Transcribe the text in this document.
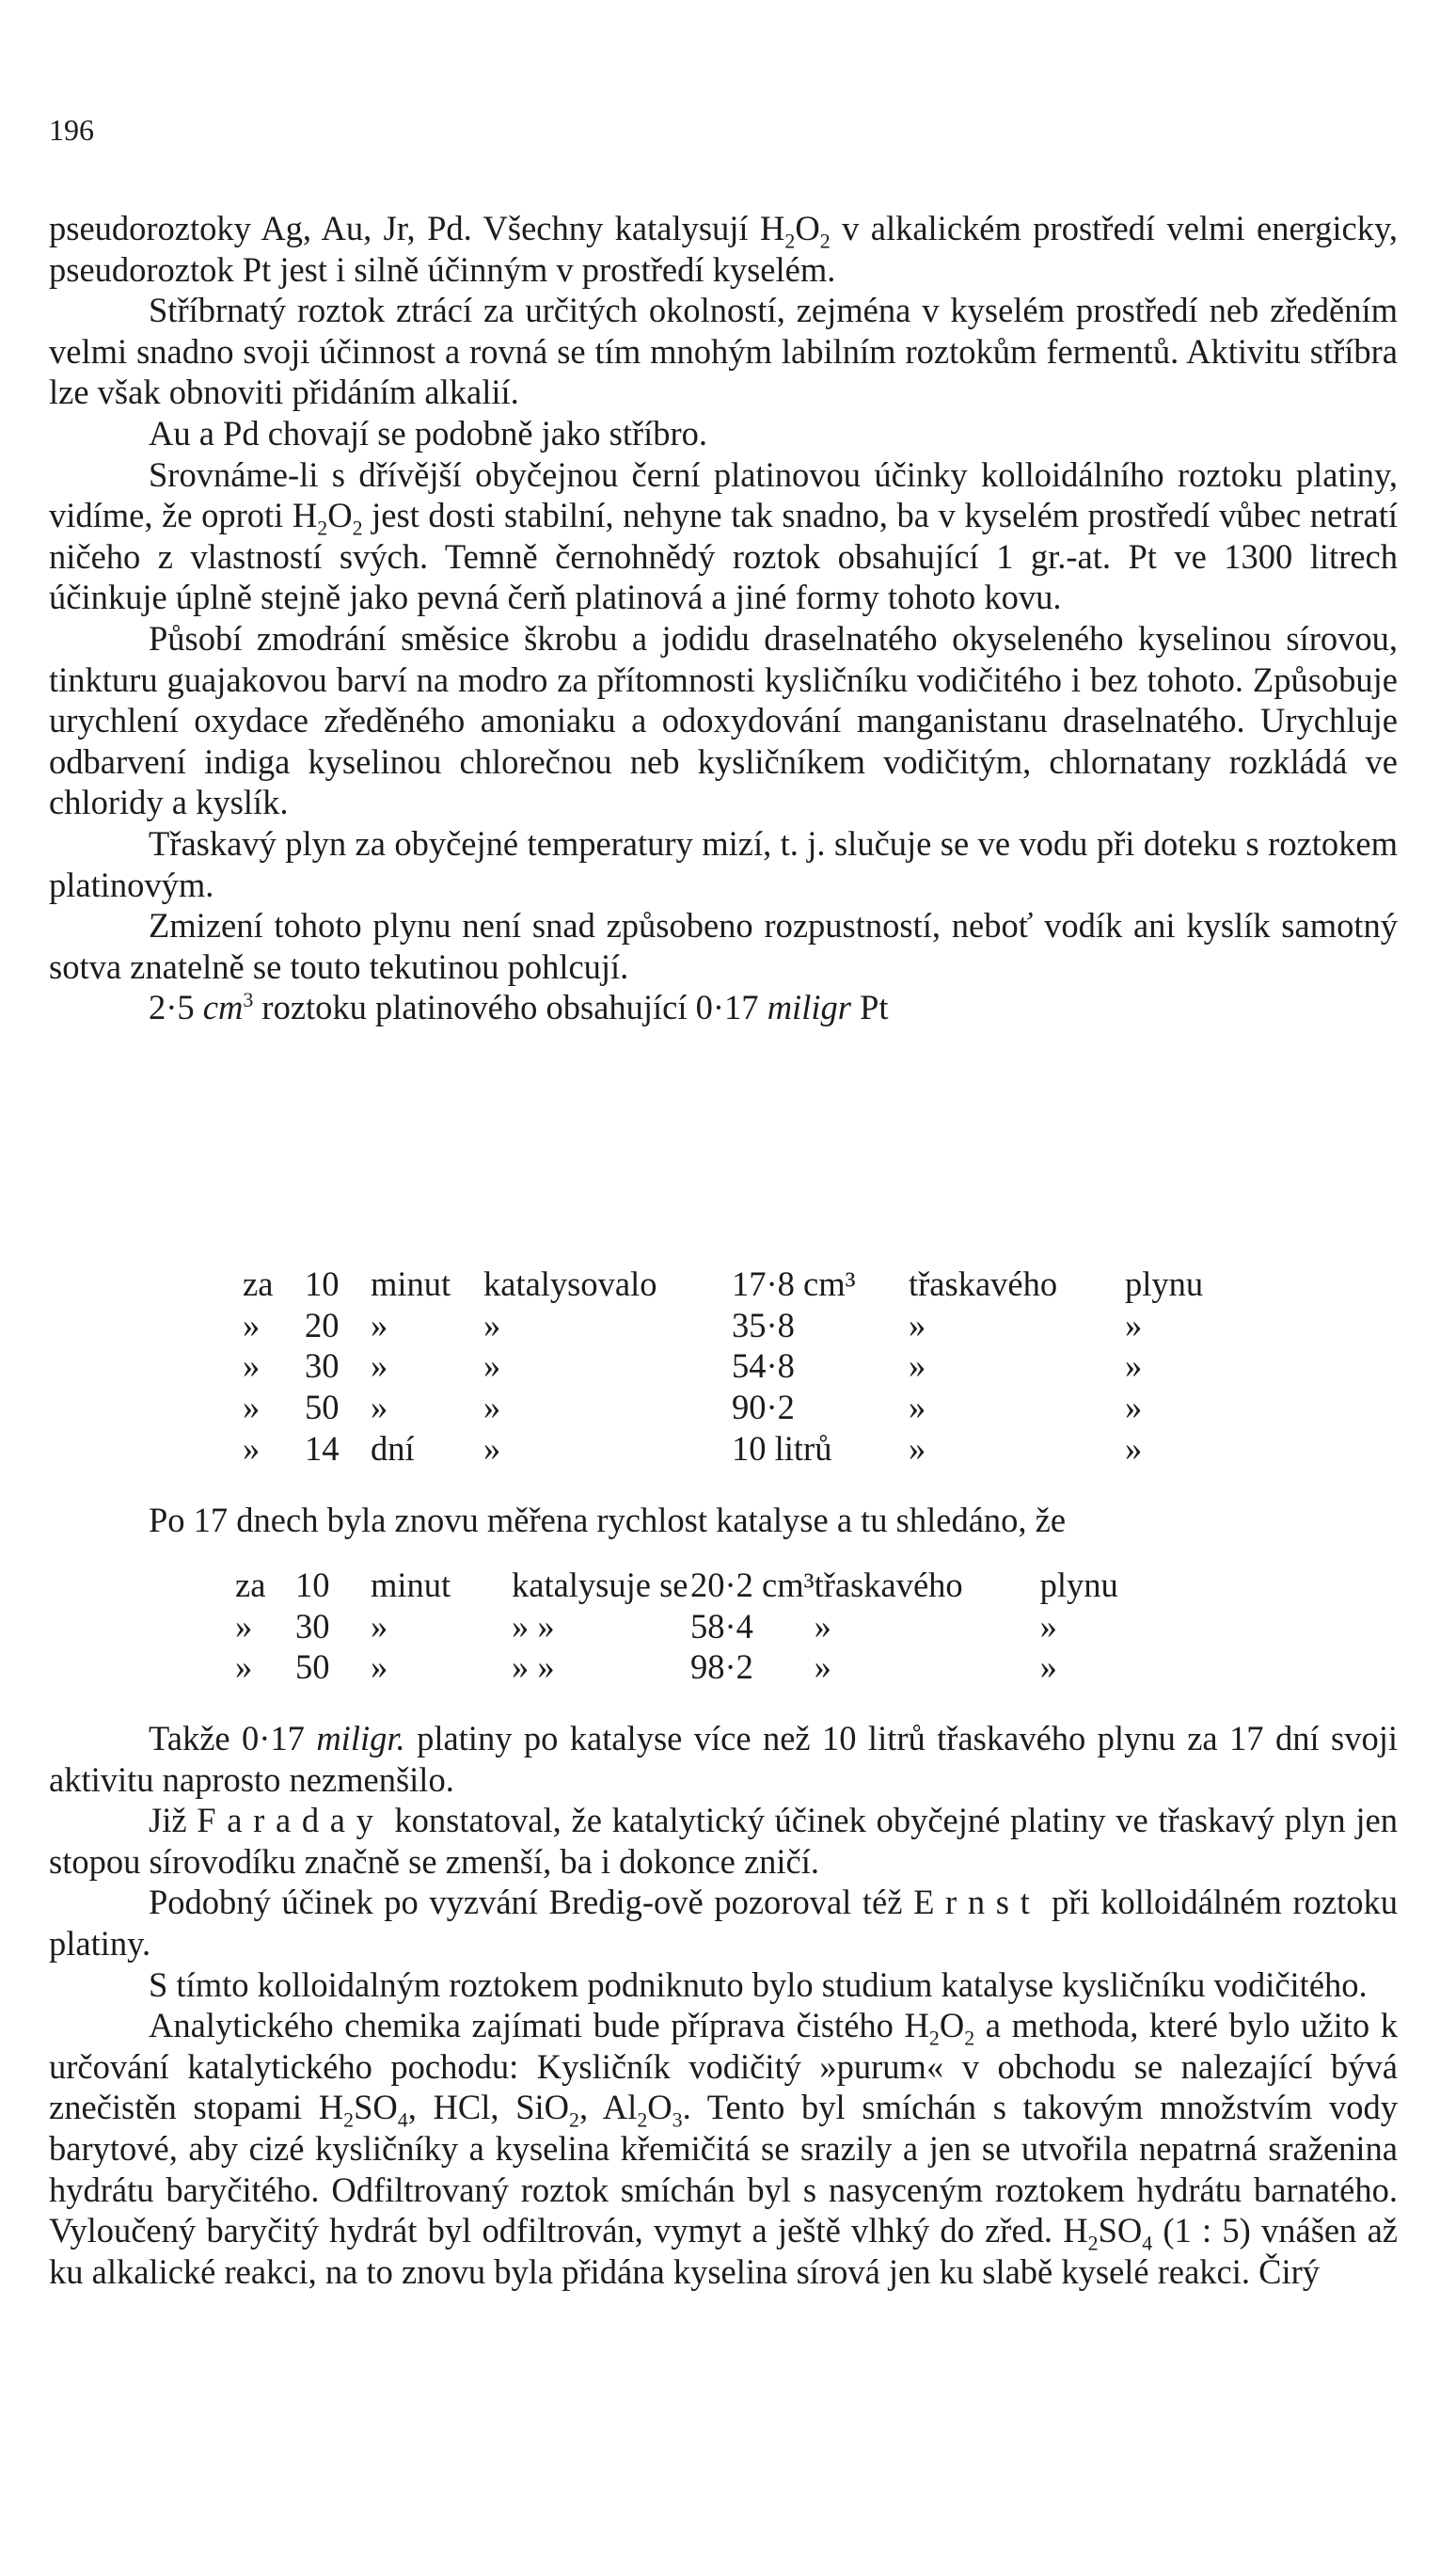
196

pseudoroztoky Ag, Au, Jr, Pd. Všechny katalysují $H_2O_2$ v alkalickém prostředí velmi energicky, pseudoroztok Pt jest i silně účinným v prostředí kyselém.

Stříbrnatý roztok ztrácí za určitých okolností, zejména v kyselém prostředí neb zředěním velmi snadno svoji účinnost a rovná se tím mnohým labilním roztokům fermentů. Aktivitu stříbra lze však obnoviti přidáním alkalií.

Au a Pd chovají se podobně jako stříbro.

Srovnáme-li s dřívější obyčejnou černí platinovou účinky kolloidálního roztoku platiny, vidíme, že oproti $H_2O_2$ jest dosti stabilní, nehyne tak snadno, ba v kyselém prostředí vůbec netratí ničeho z vlastností svých. Temně černohnědý roztok obsahující 1 gr.-at. Pt ve 1300 litrech účinkuje úplně stejně jako pevná čerň platinová a jiné formy tohoto kovu.

Působí zmodrání směsice škrobu a jodidu draselnatého okyseleného kyselinou sírovou, tinkturu guajakovou barví na modro za přítomnosti kysličníku vodičitého i bez tohoto. Způsobuje urychlení oxydace zředěného amoniaku a odoxydování manganistanu draselnatého. Urychluje odbarvení indiga kyselinou chlorečnou neb kysličníkem vodičitým, chlornatany rozkládá ve chloridy a kyslík.

Třaskavý plyn za obyčejné temperatury mizí, t. j. slučuje se ve vodu při doteku s roztokem platinovým.

Zmizení tohoto plynu není snad způsobeno rozpustností, neboť vodík ani kyslík samotný sotva znatelně se touto tekutinou pohlcují.

2·5 $cm^3$ roztoku platinového obsahující 0·17 miligr Pt

za	10	minut	katalysovalo	17·8 cm³	třaskavého	plynu
»	20	»	»	35·8	»	»
»	30	»	»	54·8	»	»
»	50	»	»	90·2	»	»
»	14	dní	»	10 litrů	»	»

Po 17 dnech byla znovu měřena rychlost katalyse a tu shledáno, že

za	10	minut	katalysuje se	20·2 cm³	třaskavého	plynu
»	30	»	» »	58·4	»	»
»	50	»	» »	98·2	»	»

Takže 0·17 miligr. platiny po katalyse více než 10 litrů třaskavého plynu za 17 dní svoji aktivitu naprosto nezmenšilo.

Již Faraday konstatoval, že katalytický účinek obyčejné platiny ve třaskavý plyn jen stopou sírovodíku značně se zmenší, ba i dokonce zničí.

Podobný účinek po vyzvání Bredig-ově pozoroval též Ernst při kolloidálném roztoku platiny.

S tímto kolloidalným roztokem podniknuto bylo studium katalyse kysličníku vodičitého.

Analytického chemika zajímati bude příprava čistého $H_2O_2$ a methoda, které bylo užito k určování katalytického pochodu: Kysličník vodičitý »purum« v obchodu se nalezající bývá znečistěn stopami $H_2SO_4$, HCl, SiO$_2$, $Al_2O_3$. Tento byl smíchán s takovým množstvím vody barytové, aby cizé kysličníky a kyselina křemičitá se srazily a jen se utvořila nepatrná sraženina hydrátu baryčitého. Odfiltrovaný roztok smíchán byl s nasyceným roztokem hydrátu barnatého. Vyloučený baryčitý hydrát byl odfiltrován, vymyt a ještě vlhký do zřed. $H_2SO_4$ (1 : 5) vnášen až ku alkalické reakci, na to znovu byla přidána kyselina sírová jen ku slabě kyselé reakci. Čirý
